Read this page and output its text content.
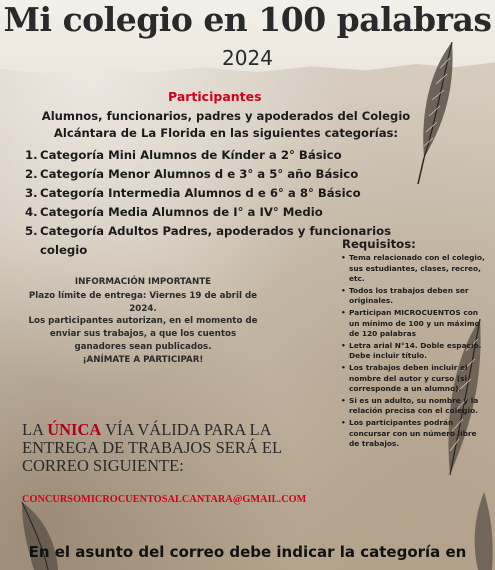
Mi colegio en 100 palabras
2024
Participantes

Alumnos, funcionarios, padres y apoderados del Colegio Alcántara de La Florida en las siguientes categorías:

1. Categoría Mini Alumnos de Kínder a 2° Básico
2. Categoría Menor Alumnos d e 3° a 5° año Básico
3. Categoría Intermedia Alumnos d e 6° a 8° Básico
4. Categoría Media Alumnos de I° a IV° Medio
5. Categoría Adultos Padres, apoderados y funcionarios
colegio
INFORMACIÓN IMPORTANTE
Plazo límite de entrega: Viernes 19 de abril de 2024.
Los participantes autorizan, en el momento de enviar sus trabajos, a que los cuentos ganadores sean publicados.
¡ANÍMATE A PARTICIPAR!
Requisitos:
• Tema relacionado con el colegio, sus estudiantes, clases, recreo, etc.
• Todos los trabajos deben ser originales.
• Participan MICROCUENTOS con un mínimo de 100 y un máximo de 120 palabras
• Letra arial N°14. Doble espacio. Debe incluir título.
• Los trabajos deben incluir el nombre del autor y curso (si corresponde a un alumno).
• Si es un adulto, su nombre y la relación precisa con el colegio.
• Los participantes podrán concursar con un número libre de trabajos.

LA ÚNICA VÍA VÁLIDA PARA LA ENTREGA DE TRABAJOS SERÁ EL CORREO SIGUIENTE:

CONCURSOMICROCUENTOSALCANTARA@GMAIL.COM
En el asunto del correo debe indicar la categoría en
